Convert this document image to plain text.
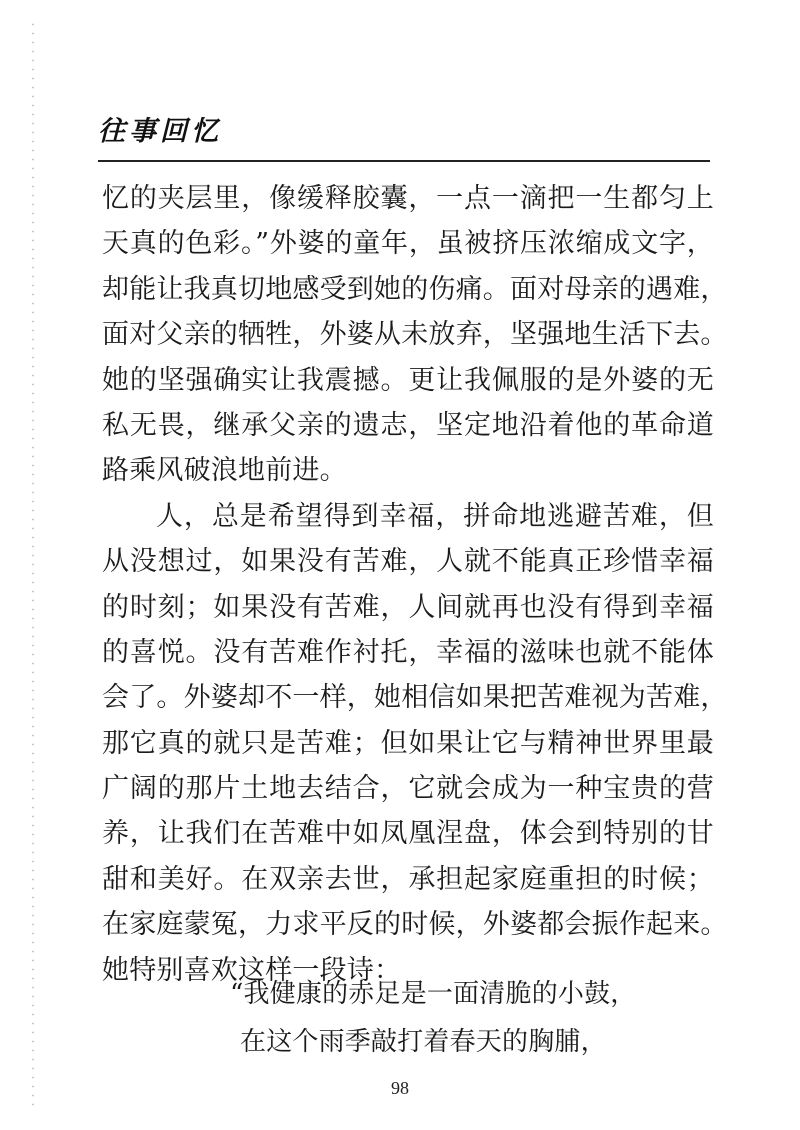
往事回忆
忆的夹层里，像缓释胶囊，一点一滴把一生都匀上
天真的色彩。”外婆的童年，虽被挤压浓缩成文字，
却能让我真切地感受到她的伤痛。面对母亲的遇难，
面对父亲的牺牲，外婆从未放弃，坚强地生活下去。
她的坚强确实让我震撼。更让我佩服的是外婆的无
私无畏，继承父亲的遗志，坚定地沿着他的革命道
路乘风破浪地前进。
人，总是希望得到幸福，拼命地逃避苦难，但
从没想过，如果没有苦难，人就不能真正珍惜幸福
的时刻；如果没有苦难，人间就再也没有得到幸福
的喜悦。没有苦难作衬托，幸福的滋味也就不能体
会了。外婆却不一样，她相信如果把苦难视为苦难，
那它真的就只是苦难；但如果让它与精神世界里最
广阔的那片土地去结合，它就会成为一种宝贵的营
养，让我们在苦难中如凤凰涅盘，体会到特别的甘
甜和美好。在双亲去世，承担起家庭重担的时候；
在家庭蒙冤，力求平反的时候，外婆都会振作起来。
她特别喜欢这样一段诗：
“我健康的赤足是一面清脆的小鼓，
在这个雨季敲打着春天的胸脯，
98
